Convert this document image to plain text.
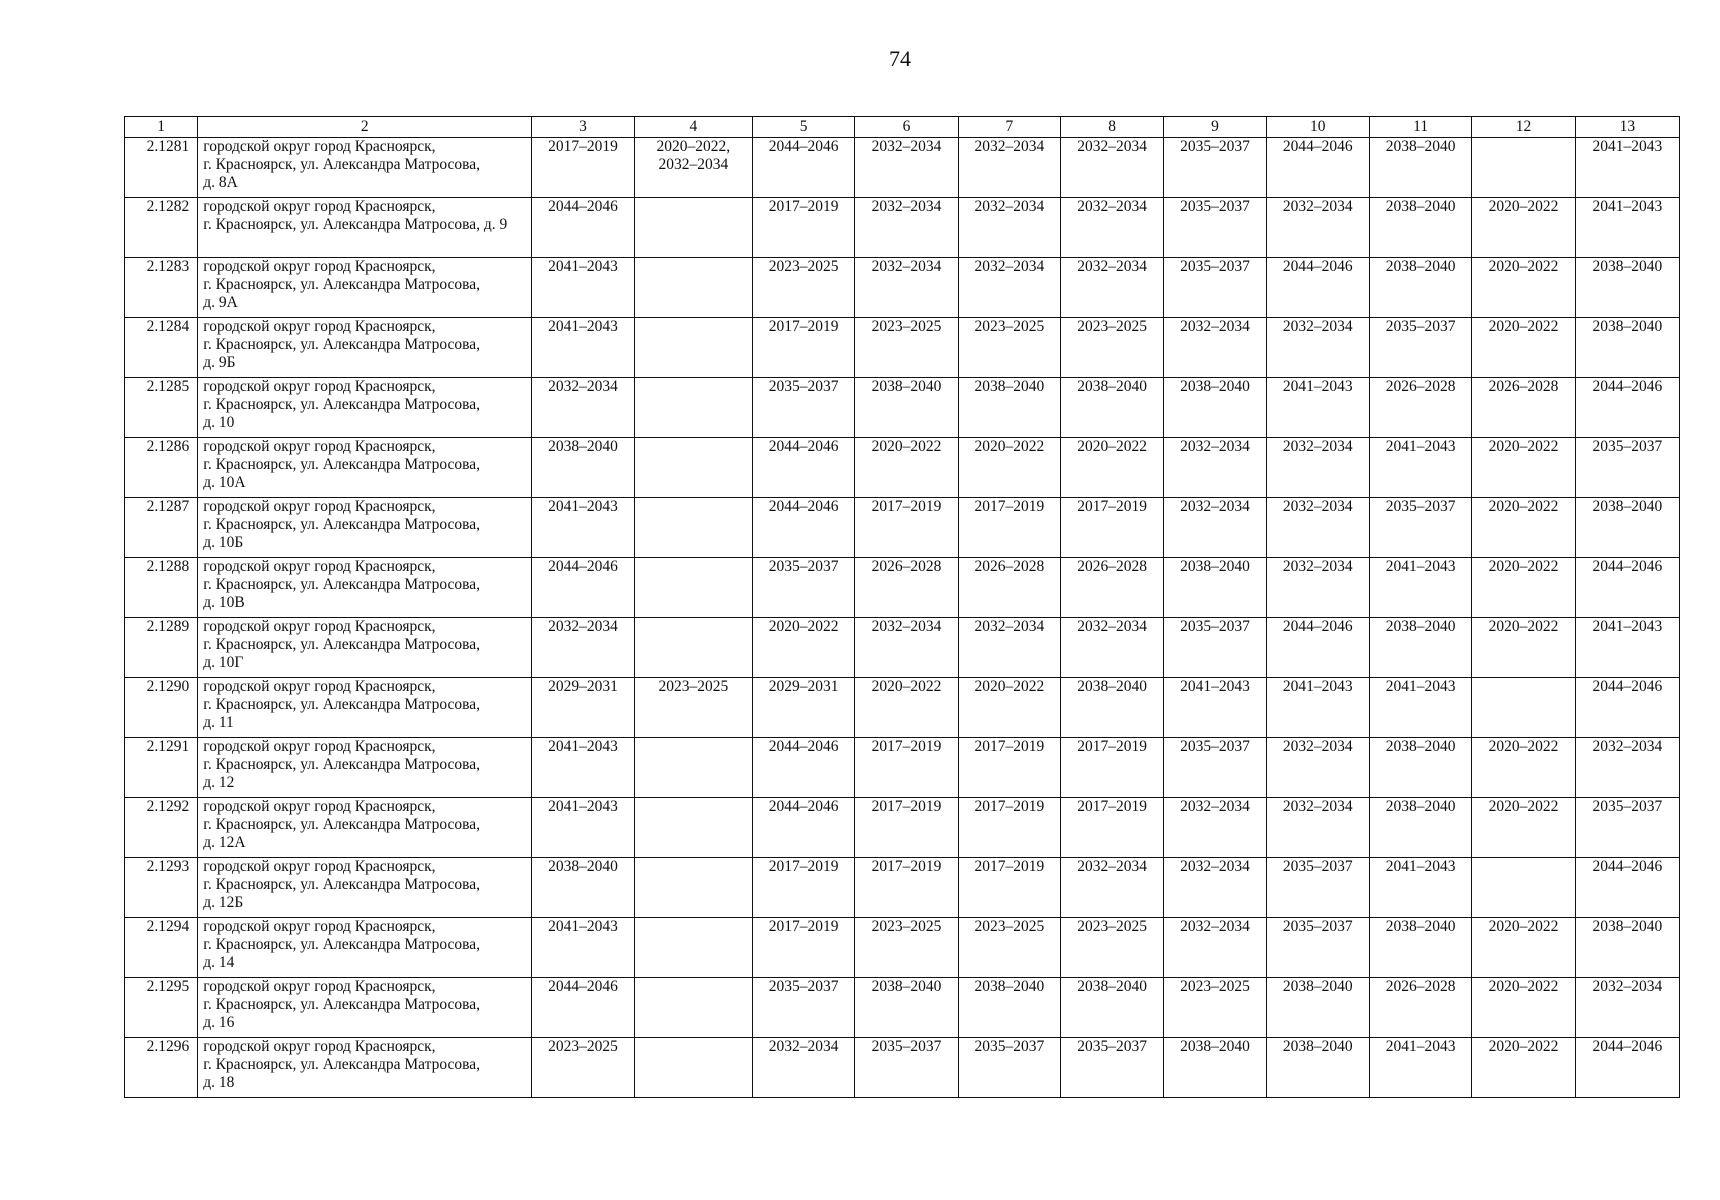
74
1	2	3	4	5	6	7	8	9	10	11	12	13
2.1281	городской округ город Красноярск,
г. Красноярск, ул. Александра Матросова,
д. 8А	2017–2019	2020–2022,
2032–2034	2044–2046	2032–2034	2032–2034	2032–2034	2035–2037	2044–2046	2038–2040		2041–2043
2.1282	городской округ город Красноярск,
г. Красноярск, ул. Александра Матросова, д. 9	2044–2046		2017–2019	2032–2034	2032–2034	2032–2034	2035–2037	2032–2034	2038–2040	2020–2022	2041–2043
2.1283	городской округ город Красноярск,
г. Красноярск, ул. Александра Матросова,
д. 9А	2041–2043		2023–2025	2032–2034	2032–2034	2032–2034	2035–2037	2044–2046	2038–2040	2020–2022	2038–2040
2.1284	городской округ город Красноярск,
г. Красноярск, ул. Александра Матросова,
д. 9Б	2041–2043		2017–2019	2023–2025	2023–2025	2023–2025	2032–2034	2032–2034	2035–2037	2020–2022	2038–2040
2.1285	городской округ город Красноярск,
г. Красноярск, ул. Александра Матросова,
д. 10	2032–2034		2035–2037	2038–2040	2038–2040	2038–2040	2038–2040	2041–2043	2026–2028	2026–2028	2044–2046
2.1286	городской округ город Красноярск,
г. Красноярск, ул. Александра Матросова,
д. 10А	2038–2040		2044–2046	2020–2022	2020–2022	2020–2022	2032–2034	2032–2034	2041–2043	2020–2022	2035–2037
2.1287	городской округ город Красноярск,
г. Красноярск, ул. Александра Матросова,
д. 10Б	2041–2043		2044–2046	2017–2019	2017–2019	2017–2019	2032–2034	2032–2034	2035–2037	2020–2022	2038–2040
2.1288	городской округ город Красноярск,
г. Красноярск, ул. Александра Матросова,
д. 10В	2044–2046		2035–2037	2026–2028	2026–2028	2026–2028	2038–2040	2032–2034	2041–2043	2020–2022	2044–2046
2.1289	городской округ город Красноярск,
г. Красноярск, ул. Александра Матросова,
д. 10Г	2032–2034		2020–2022	2032–2034	2032–2034	2032–2034	2035–2037	2044–2046	2038–2040	2020–2022	2041–2043
2.1290	городской округ город Красноярск,
г. Красноярск, ул. Александра Матросова,
д. 11	2029–2031	2023–2025	2029–2031	2020–2022	2020–2022	2038–2040	2041–2043	2041–2043	2041–2043		2044–2046
2.1291	городской округ город Красноярск,
г. Красноярск, ул. Александра Матросова,
д. 12	2041–2043		2044–2046	2017–2019	2017–2019	2017–2019	2035–2037	2032–2034	2038–2040	2020–2022	2032–2034
2.1292	городской округ город Красноярск,
г. Красноярск, ул. Александра Матросова,
д. 12А	2041–2043		2044–2046	2017–2019	2017–2019	2017–2019	2032–2034	2032–2034	2038–2040	2020–2022	2035–2037
2.1293	городской округ город Красноярск,
г. Красноярск, ул. Александра Матросова,
д. 12Б	2038–2040		2017–2019	2017–2019	2017–2019	2032–2034	2032–2034	2035–2037	2041–2043		2044–2046
2.1294	городской округ город Красноярск,
г. Красноярск, ул. Александра Матросова,
д. 14	2041–2043		2017–2019	2023–2025	2023–2025	2023–2025	2032–2034	2035–2037	2038–2040	2020–2022	2038–2040
2.1295	городской округ город Красноярск,
г. Красноярск, ул. Александра Матросова,
д. 16	2044–2046		2035–2037	2038–2040	2038–2040	2038–2040	2023–2025	2038–2040	2026–2028	2020–2022	2032–2034
2.1296	городской округ город Красноярск,
г. Красноярск, ул. Александра Матросова,
д. 18	2023–2025		2032–2034	2035–2037	2035–2037	2035–2037	2038–2040	2038–2040	2041–2043	2020–2022	2044–2046
